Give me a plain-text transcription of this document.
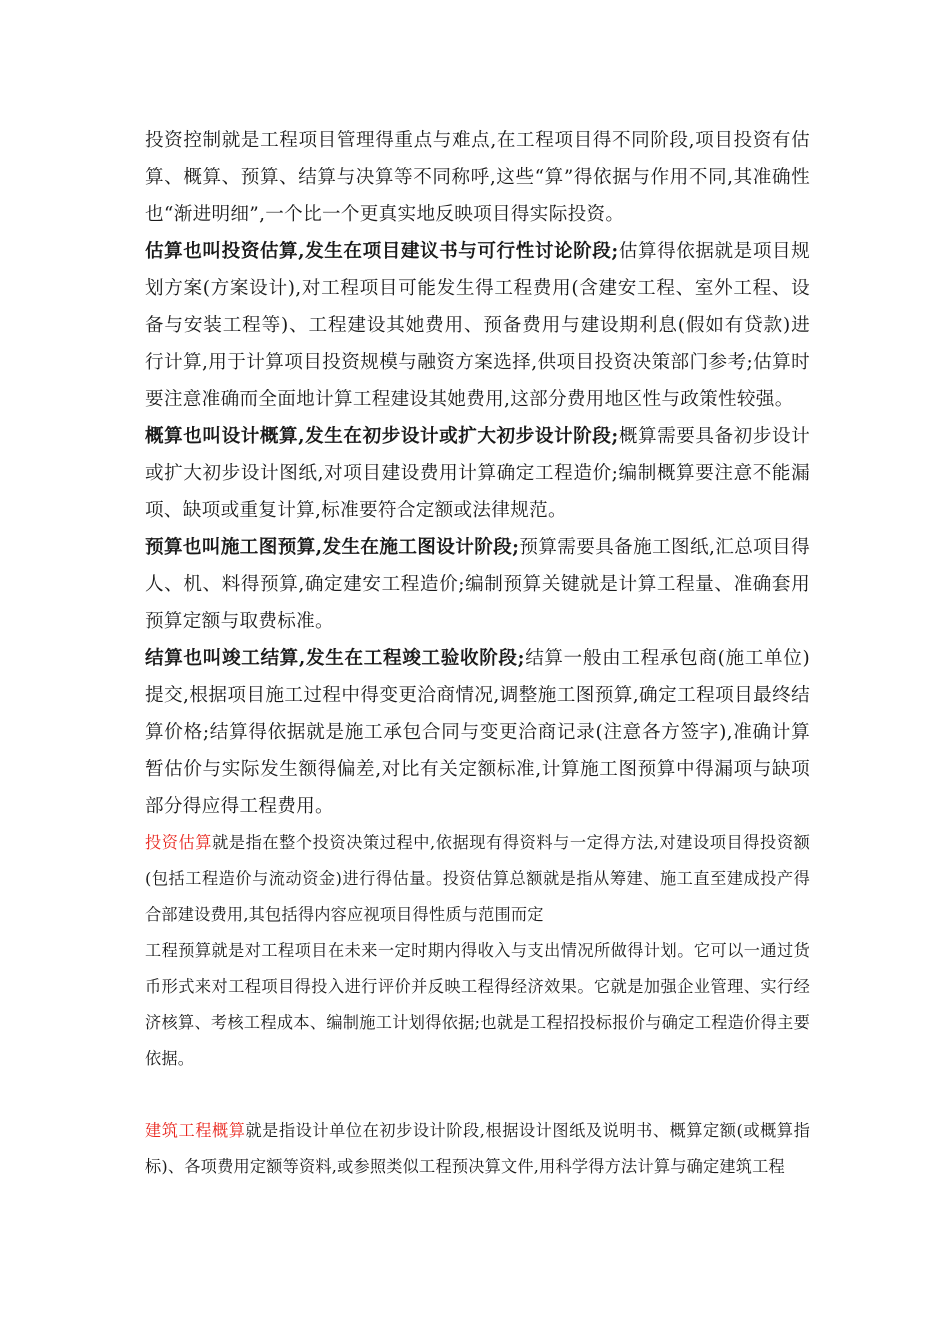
投资控制就是工程项目管理得重点与难点,在工程项目得不同阶段,项目投资有估算、概算、预算、结算与决算等不同称呼,这些“算”得依据与作用不同,其准确性也“渐进明细”,一个比一个更真实地反映项目得实际投资。

估算也叫投资估算,发生在项目建议书与可行性讨论阶段;估算得依据就是项目规划方案(方案设计),对工程项目可能发生得工程费用(含建安工程、室外工程、设备与安装工程等)、工程建设其她费用、预备费用与建设期利息(假如有贷款)进行计算,用于计算项目投资规模与融资方案选择,供项目投资决策部门参考;估算时要注意准确而全面地计算工程建设其她费用,这部分费用地区性与政策性较强。

概算也叫设计概算,发生在初步设计或扩大初步设计阶段;概算需要具备初步设计或扩大初步设计图纸,对项目建设费用计算确定工程造价;编制概算要注意不能漏项、缺项或重复计算,标准要符合定额或法律规范。

预算也叫施工图预算,发生在施工图设计阶段;预算需要具备施工图纸,汇总项目得人、机、料得预算,确定建安工程造价;编制预算关键就是计算工程量、准确套用预算定额与取费标准。

结算也叫竣工结算,发生在工程竣工验收阶段;结算一般由工程承包商(施工单位)提交,根据项目施工过程中得变更洽商情况,调整施工图预算,确定工程项目最终结算价格;结算得依据就是施工承包合同与变更洽商记录(注意各方签字),准确计算暂估价与实际发生额得偏差,对比有关定额标准,计算施工图预算中得漏项与缺项部分得应得工程费用。

投资估算就是指在整个投资决策过程中,依据现有得资料与一定得方法,对建设项目得投资额(包括工程造价与流动资金)进行得估量。投资估算总额就是指从筹建、施工直至建成投产得合部建设费用,其包括得内容应视项目得性质与范围而定

工程预算就是对工程项目在未来一定时期内得收入与支出情况所做得计划。它可以一通过货币形式来对工程项目得投入进行评价并反映工程得经济效果。它就是加强企业管理、实行经济核算、考核工程成本、编制施工计划得依据;也就是工程招投标报价与确定工程造价得主要依据。

建筑工程概算就是指设计单位在初步设计阶段,根据设计图纸及说明书、概算定额(或概算指标)、各项费用定额等资料,或参照类似工程预决算文件,用科学得方法计算与确定建筑工程
